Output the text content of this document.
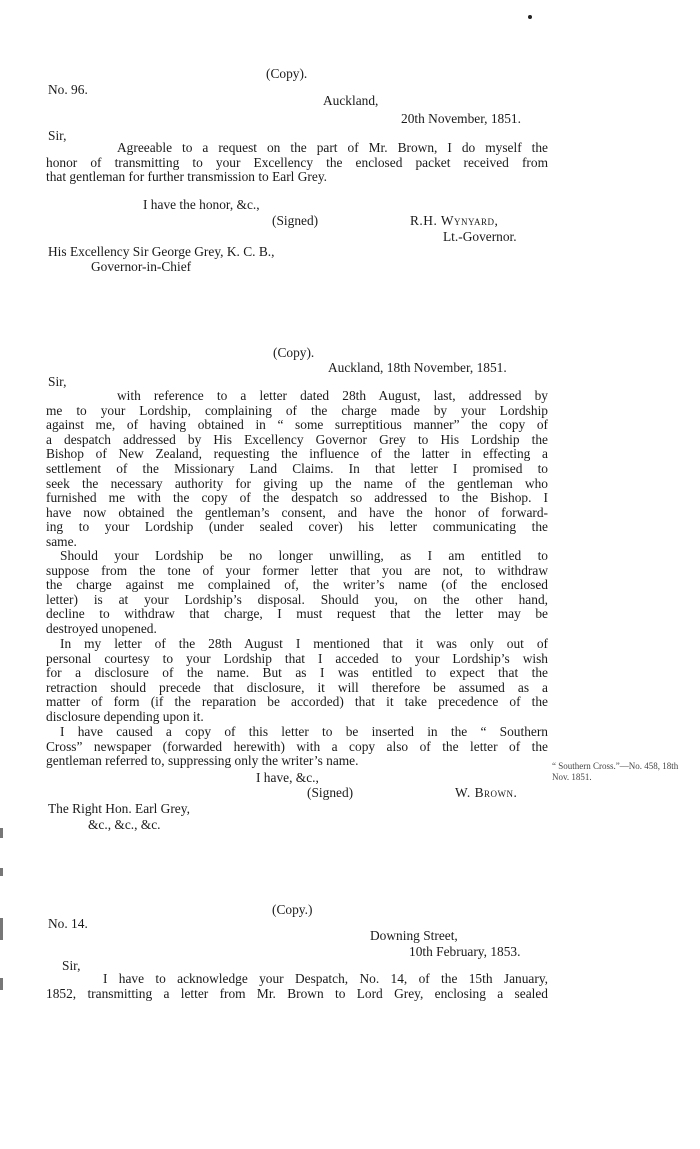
(Copy).
No. 96.
Auckland,
20th November, 1851.
Sir,
Agreeable to a request on the part of Mr. Brown, I do myself the
honor of transmitting to your Excellency the enclosed packet received from
that gentleman for further transmission to Earl Grey.
I have the honor, &c.,
(Signed)	R.H. Wynyard,
Lt.-Governor.
His Excellency Sir George Grey, K. C. B.,
Governor-in-Chief
(Copy).
Auckland, 18th November, 1851.
Sir,
with reference to a letter dated 28th August, last, addressed by
me to your Lordship, complaining of the charge made by your Lordship
against me, of having obtained in “ some surreptitious manner” the copy of
a despatch addressed by His Excellency Governor Grey to His Lordship the
Bishop of New Zealand, requesting the influence of the latter in effecting a
settlement of the Missionary Land Claims. In that letter I promised to
seek the necessary authority for giving up the name of the gentleman who
furnished me with the copy of the despatch so addressed to the Bishop. I
have now obtained the gentleman’s consent, and have the honor of forward-
ing to your Lordship (under sealed cover) his letter communicating the
same.
Should your Lordship be no longer unwilling, as I am entitled to
suppose from the tone of your former letter that you are not, to withdraw
the charge against me complained of, the writer’s name (of the enclosed
letter) is at your Lordship’s disposal. Should you, on the other hand,
decline to withdraw that charge, I must request that the letter may be
destroyed unopened.
In my letter of the 28th August I mentioned that it was only out of
personal courtesy to your Lordship that I acceded to your Lordship’s wish
for a disclosure of the name. But as I was entitled to expect that the
retraction should precede that disclosure, it will therefore be assumed as a
matter of form (if the reparation be accorded) that it take precedence of the
disclosure depending upon it.
I have caused a copy of this letter to be inserted in the “ Southern
Cross” newspaper (forwarded herewith) with a copy also of the letter of the
gentleman referred to, suppressing only the writer’s name.	“ Southern Cross.”—No. 458, 18th Nov. 1851.
I have, &c.,
(Signed)	W. Brown.
The Right Hon. Earl Grey,
&c., &c., &c.
(Copy.)
No. 14.
Downing Street,
10th February, 1853.
Sir,
I have to acknowledge your Despatch, No. 14, of the 15th January,
1852, transmitting a letter from Mr. Brown to Lord Grey, enclosing a sealed
